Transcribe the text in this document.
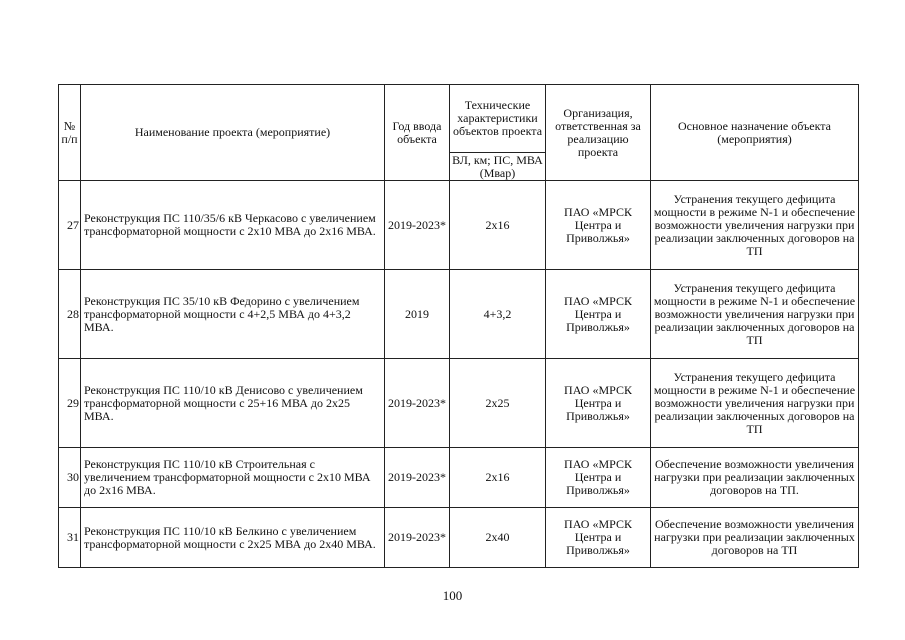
№ п/п	Наименование проекта (мероприятие)	Год ввода объекта	Технические характеристики объектов проекта	Организация, ответственная за реализацию проекта	Основное назначение объекта (мероприятия)
			ВЛ, км; ПС, МВА (Мвар)		
27	Реконструкция ПС 110/35/6 кВ Черкасово с увеличением трансформаторной мощности с 2х10 МВА до 2х16 МВА.	2019-2023*	2х16	ПАО «МРСК Центра и Приволжья»	Устранения текущего дефицита мощности в режиме N-1 и обеспечение возможности увеличения нагрузки при реализации заключенных договоров на ТП
28	Реконструкция ПС 35/10 кВ Федорино с увеличением трансформаторной мощности с 4+2,5 МВА до 4+3,2 МВА.	2019	4+3,2	ПАО «МРСК Центра и Приволжья»	Устранения текущего дефицита мощности в режиме N-1 и обеспечение возможности увеличения нагрузки при реализации заключенных договоров на ТП
29	Реконструкция ПС 110/10 кВ Денисово с увеличением трансформаторной мощности с 25+16 МВА до 2х25 МВА.	2019-2023*	2х25	ПАО «МРСК Центра и Приволжья»	Устранения текущего дефицита мощности в режиме N-1 и обеспечение возможности увеличения нагрузки при реализации заключенных договоров на ТП
30	Реконструкция ПС 110/10 кВ Строительная с увеличением трансформаторной мощности с 2х10 МВА до 2х16 МВА.	2019-2023*	2х16	ПАО «МРСК Центра и Приволжья»	Обеспечение возможности увеличения нагрузки при реализации заключенных договоров на ТП.
31	Реконструкция ПС 110/10 кВ Белкино с увеличением трансформаторной мощности с 2х25 МВА до 2х40 МВА.	2019-2023*	2х40	ПАО «МРСК Центра и Приволжья»	Обеспечение возможности увеличения нагрузки при реализации заключенных договоров на ТП
100
